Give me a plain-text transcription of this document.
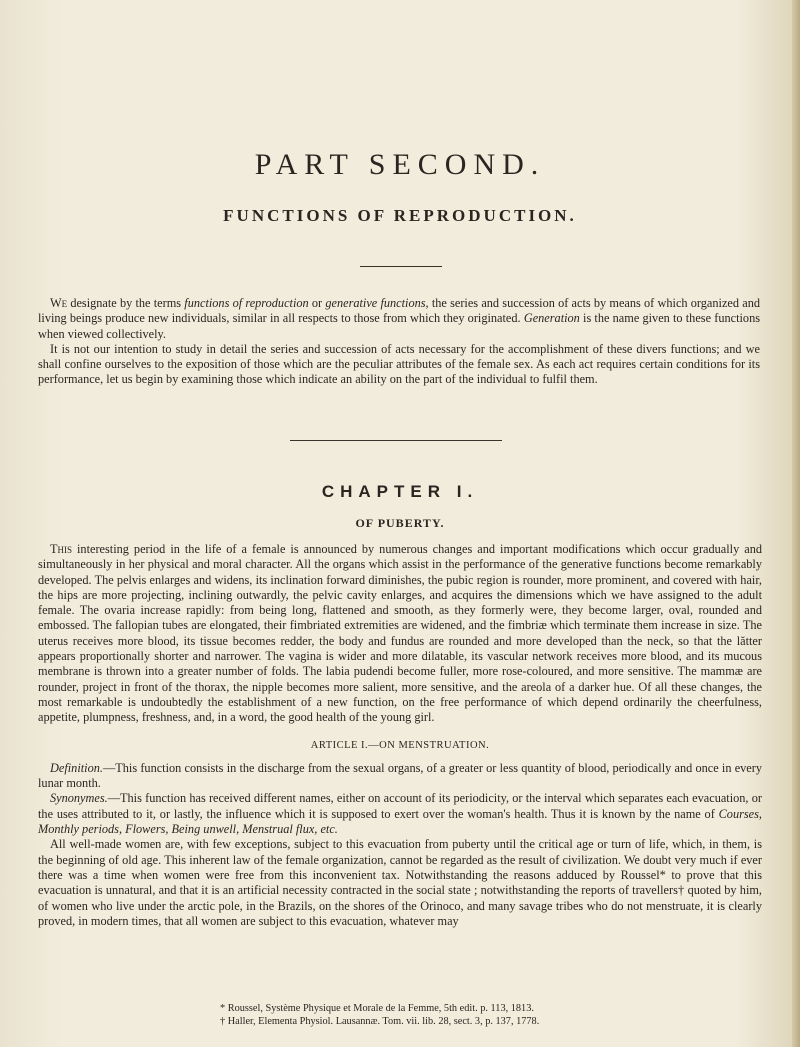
PART SECOND.
FUNCTIONS OF REPRODUCTION.

We designate by the terms functions of reproduction or generative functions, the series and succession of acts by means of which organized and living beings produce new individuals, similar in all respects to those from which they originated. Generation is the name given to these functions when viewed collectively.

It is not our intention to study in detail the series and succession of acts necessary for the accomplishment of these divers functions; and we shall confine ourselves to the exposition of those which are the peculiar attributes of the female sex. As each act requires certain conditions for its performance, let us begin by examining those which indicate an ability on the part of the individual to fulfil them.

CHAPTER I.
OF PUBERTY.

This interesting period in the life of a female is announced by numerous changes and important modifications which occur gradually and simultaneously in her physical and moral character. All the organs which assist in the performance of the generative functions become remarkably developed. The pelvis enlarges and widens, its inclination forward diminishes, the pubic region is rounder, more prominent, and covered with hair, the hips are more projecting, inclining outwardly, the pelvic cavity enlarges, and acquires the dimensions which we have assigned to the adult female. The ovaria increase rapidly: from being long, flattened and smooth, as they formerly were, they become larger, oval, rounded and embossed. The fallopian tubes are elongated, their fimbriated extremities are widened, and the fimbriæ which terminate them increase in size. The uterus receives more blood, its tissue becomes redder, the body and fundus are rounded and more developed than the neck, so that the lătter appears proportionally shorter and narrower. The vagina is wider and more dilatable, its vascular network receives more blood, and its mucous membrane is thrown into a greater number of folds. The labia pudendi become fuller, more rose-coloured, and more sensitive. The mammæ are rounder, project in front of the thorax, the nipple becomes more salient, more sensitive, and the areola of a darker hue. Of all these changes, the most remarkable is undoubtedly the establishment of a new function, on the free performance of which depend ordinarily the cheerfulness, appetite, plumpness, freshness, and, in a word, the good health of the young girl.

ARTICLE I.—ON MENSTRUATION.

Definition.—This function consists in the discharge from the sexual organs, of a greater or less quantity of blood, periodically and once in every lunar month.

Synonymes.—This function has received different names, either on account of its periodicity, or the interval which separates each evacuation, or the uses attributed to it, or lastly, the influence which it is supposed to exert over the woman's health. Thus it is known by the name of Courses, Monthly periods, Flowers, Being unwell, Menstrual flux, etc.

All well-made women are, with few exceptions, subject to this evacuation from puberty until the critical age or turn of life, which, in them, is the beginning of old age. This inherent law of the female organization, cannot be regarded as the result of civilization. We doubt very much if ever there was a time when women were free from this inconvenient tax. Notwithstanding the reasons adduced by Roussel* to prove that this evacuation is unnatural, and that it is an artificial necessity contracted in the social state ; notwithstanding the reports of travellers† quoted by him, of women who live under the arctic pole, in the Brazils, on the shores of the Orinoco, and many savage tribes who do not menstruate, it is clearly proved, in modern times, that all women are subject to this evacuation, whatever may

* Roussel, Système Physique et Morale de la Femme, 5th edit. p. 113, 1813.
† Haller, Elementa Physiol. Lausannæ. Tom. vii. lib. 28, sect. 3, p. 137, 1778.
